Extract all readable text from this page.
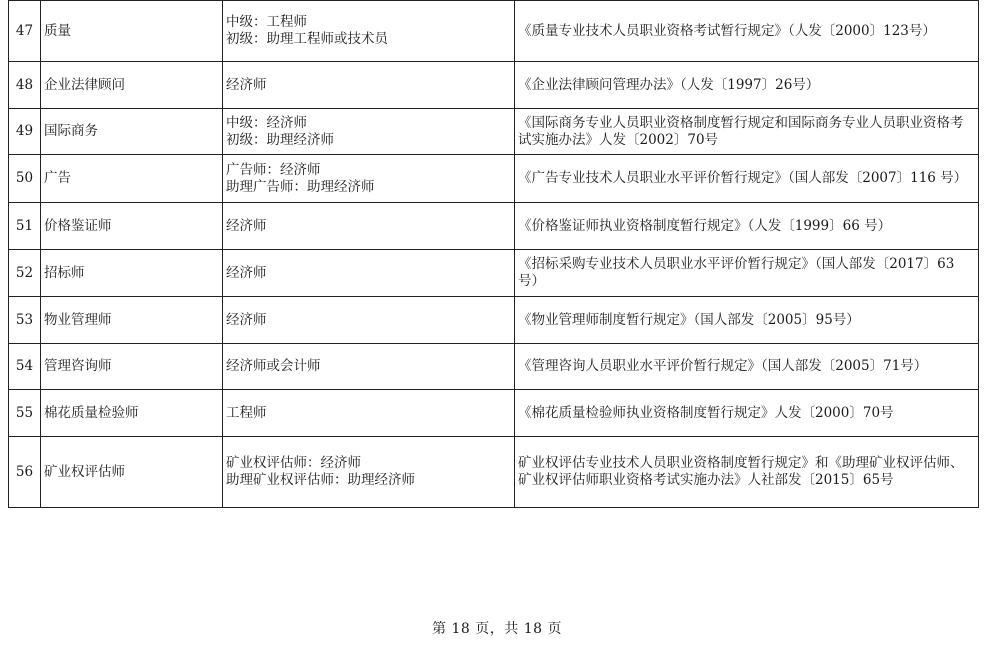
47	质量	中级：工程师
初级：助理工程师或技术员	《质量专业技术人员职业资格考试暂行规定》（人发〔2000〕123号）
48	企业法律顾问	经济师	《企业法律顾问管理办法》（人发〔1997〕26号）
49	国际商务	中级：经济师
初级：助理经济师	《国际商务专业人员职业资格制度暂行规定和国际商务专业人员职业资格考试实施办法》人发〔2002〕70号
50	广告	广告师：经济师
助理广告师：助理经济师	《广告专业技术人员职业水平评价暂行规定》（国人部发〔2007〕116 号）
51	价格鉴证师	经济师	《价格鉴证师执业资格制度暂行规定》（人发〔1999〕66 号）
52	招标师	经济师	《招标采购专业技术人员职业水平评价暂行规定》（国人部发〔2017〕63号）
53	物业管理师	经济师	《物业管理师制度暂行规定》（国人部发〔2005〕95号）
54	管理咨询师	经济师或会计师	《管理咨询人员职业水平评价暂行规定》（国人部发〔2005〕71号）
55	棉花质量检验师	工程师	《棉花质量检验师执业资格制度暂行规定》人发〔2000〕70号
56	矿业权评估师	矿业权评估师：经济师
助理矿业权评估师：助理经济师	矿业权评估专业技术人员职业资格制度暂行规定》和《助理矿业权评估师、矿业权评估师职业资格考试实施办法》人社部发〔2015〕65号
第 18 页，共 18 页
